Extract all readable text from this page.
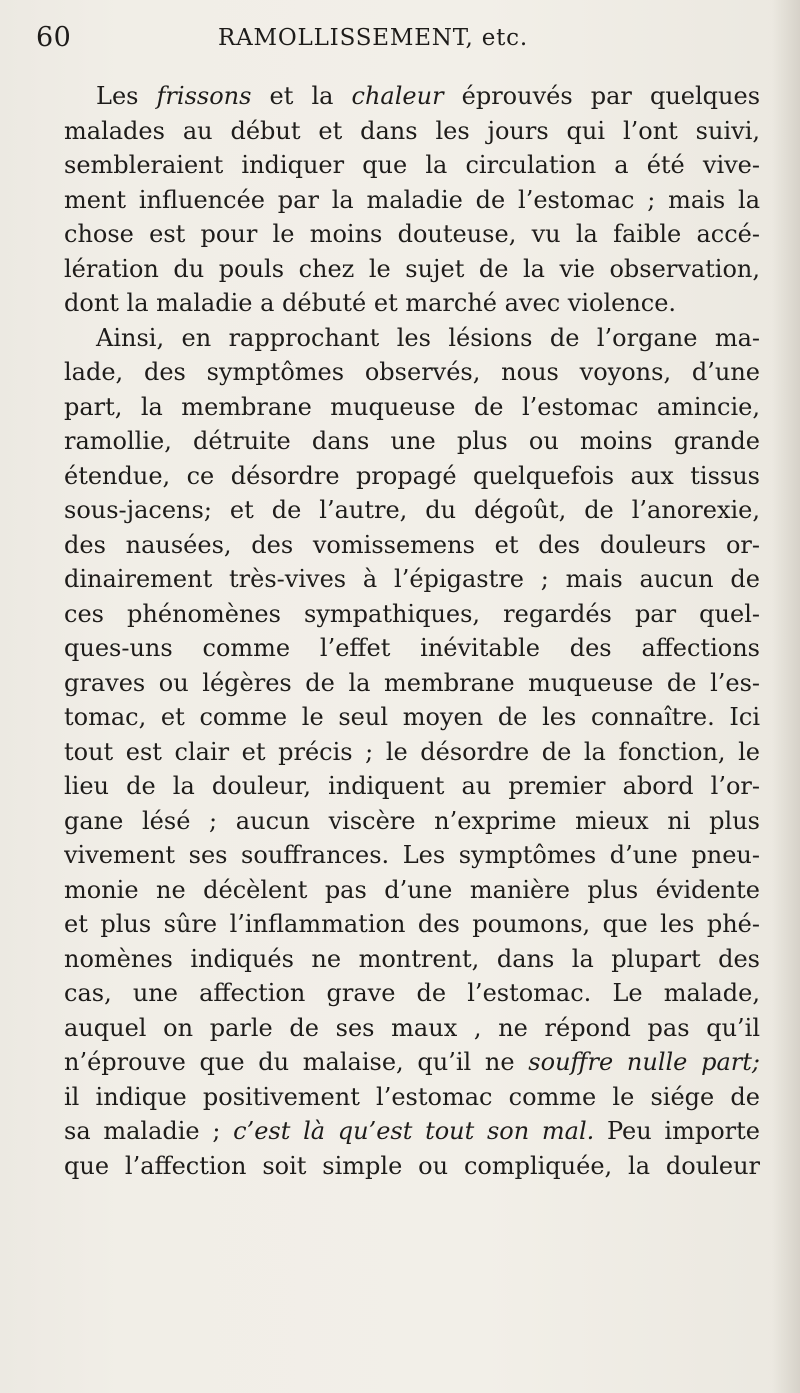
60	RAMOLLISSEMENT, etc.
Les frissons et la chaleur éprouvés par quelques
malades au début et dans les jours qui l’ont suivi,
sembleraient indiquer que la circulation a été vive-
ment influencée par la maladie de l’estomac ; mais la
chose est pour le moins douteuse, vu la faible accé-
lération du pouls chez le sujet de la vie observation,
dont la maladie a débuté et marché avec violence.
Ainsi, en rapprochant les lésions de l’organe ma-
lade, des symptômes observés, nous voyons, d’une
part, la membrane muqueuse de l’estomac amincie,
ramollie, détruite dans une plus ou moins grande
étendue, ce désordre propagé quelquefois aux tissus
sous-jacens; et de l’autre, du dégoût, de l’anorexie,
des nausées, des vomissemens et des douleurs or-
dinairement très-vives à l’épigastre ; mais aucun de
ces phénomènes sympathiques, regardés par quel-
ques-uns comme l’effet inévitable des affections
graves ou légères de la membrane muqueuse de l’es-
tomac, et comme le seul moyen de les connaître. Ici
tout est clair et précis ; le désordre de la fonction, le
lieu de la douleur, indiquent au premier abord l’or-
gane lésé ; aucun viscère n’exprime mieux ni plus
vivement ses souffrances. Les symptômes d’une pneu-
monie ne décèlent pas d’une manière plus évidente
et plus sûre l’inflammation des poumons, que les phé-
nomènes indiqués ne montrent, dans la plupart des
cas, une affection grave de l’estomac. Le malade,
auquel on parle de ses maux , ne répond pas qu’il
n’éprouve que du malaise, qu’il ne souffre nulle part;
il indique positivement l’estomac comme le siége de
sa maladie ; c’est là qu’est tout son mal. Peu importe
que l’affection soit simple ou compliquée, la douleur
